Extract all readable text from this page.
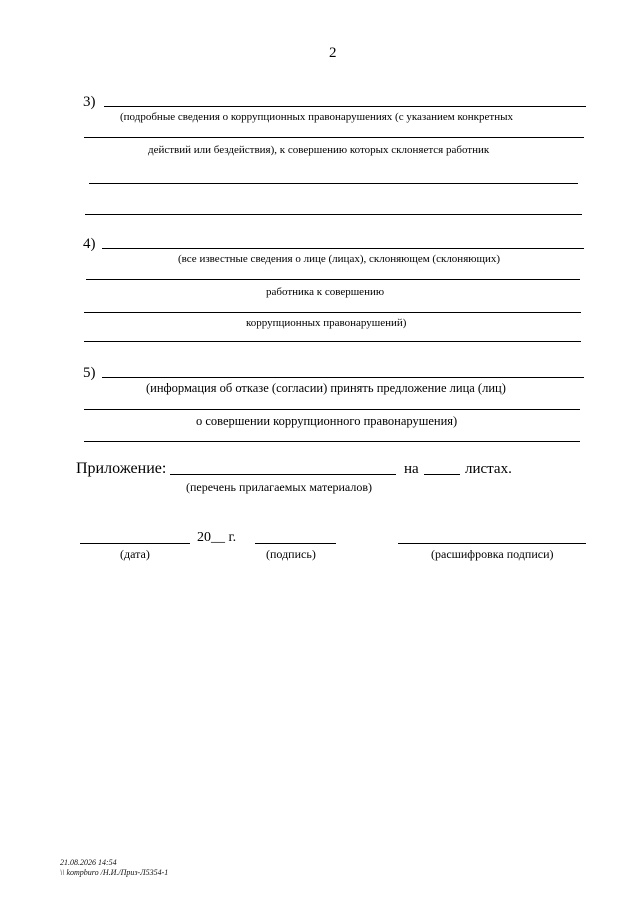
2
3)
(подробные сведения о коррупционных правонарушениях (с указанием конкретных
действий или бездействия), к совершению которых склоняется работник
4)
(все известные сведения о лице (лицах), склоняющем (склоняющих)
работника к совершению
коррупционных правонарушений)
5)
(информация об отказе (согласии) принять предложение лица (лиц)
о совершении коррупционного правонарушения)
Приложение:	на	листах.
(перечень прилагаемых материалов)
20__ г.
(дата)	(подпись)	(расшифровка подписи)
21.08.2026 14:54
\\ kompburo /Н.И./Приз-Л5354-1
